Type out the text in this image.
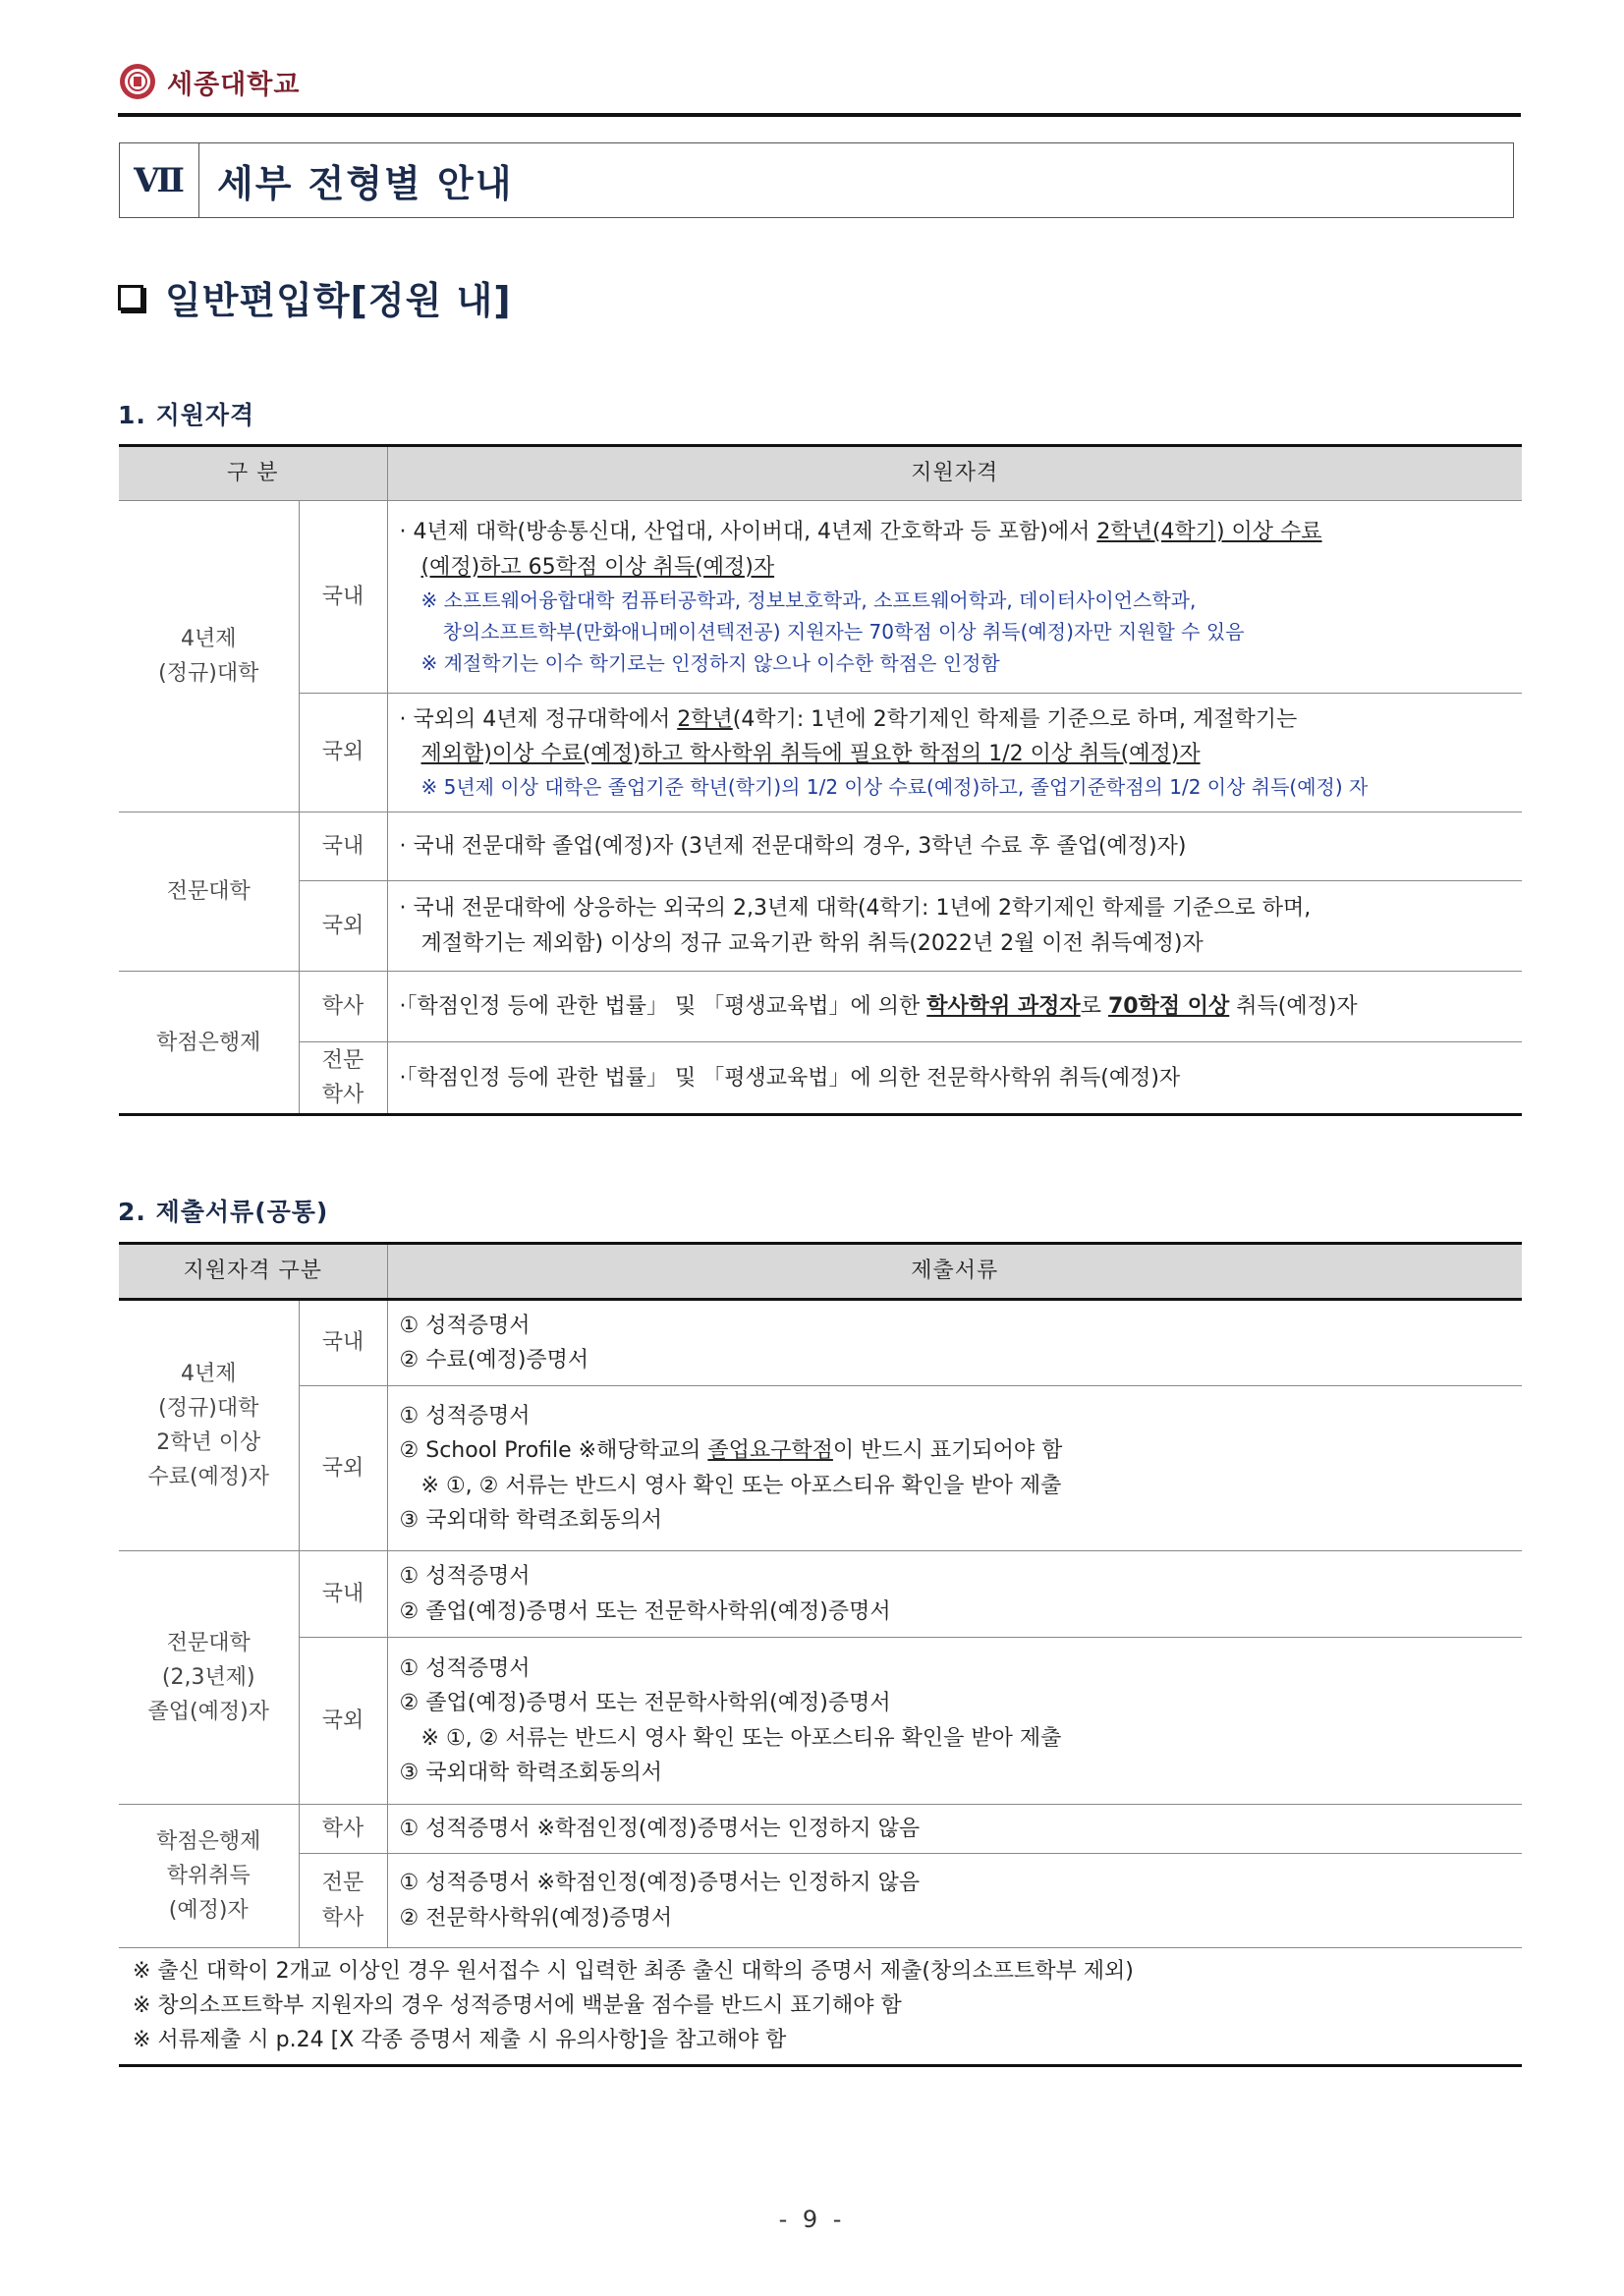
세종대학교
Ⅶ 세부 전형별 안내
일반편입학[정원 내]
1. 지원자격
구 분		지원자격

4년제
(정규)대학	국내	· 4년제 대학(방송통신대, 산업대, 사이버대, 4년제 간호학과 등 포함)에서 2학년(4학기) 이상 수료
(예정)하고 65학점 이상 취득(예정)자
※ 소프트웨어융합대학 컴퓨터공학과, 정보보호학과, 소프트웨어학과, 데이터사이언스학과,
창의소프트학부(만화애니메이션텍전공) 지원자는 70학점 이상 취득(예정)자만 지원할 수 있음
※ 계절학기는 이수 학기로는 인정하지 않으나 이수한 학점은 인정함

	국외	· 국외의 4년제 정규대학에서 2학년(4학기: 1년에 2학기제인 학제를 기준으로 하며, 계절학기는
제외함)이상 수료(예정)하고 학사학위 취득에 필요한 학점의 1/2 이상 취득(예정)자
※ 5년제 이상 대학은 졸업기준 학년(학기)의 1/2 이상 수료(예정)하고, 졸업기준학점의 1/2 이상 취득(예정) 자

전문대학	국내	· 국내 전문대학 졸업(예정)자 (3년제 전문대학의 경우, 3학년 수료 후 졸업(예정)자)
	국외	· 국내 전문대학에 상응하는 외국의 2,3년제 대학(4학기: 1년에 2학기제인 학제를 기준으로 하며,
계절학기는 제외함) 이상의 정규 교육기관 학위 취득(2022년 2월 이전 취득예정)자

학점은행제	학사	·「학점인정 등에 관한 법률」 및 「평생교육법」에 의한 학사학위 과정자로 70학점 이상 취득(예정)자

	전문
학사	·「학점인정 등에 관한 법률」 및 「평생교육법」에 의한 전문학사학위 취득(예정)자
2. 제출서류(공통)
지원자격 구분		제출서류

4년제
(정규)대학
2학년 이상
수료(예정)자	국내	① 성적증명서
② 수료(예정)증명서

	국외	① 성적증명서
② School Profile ※해당학교의 졸업요구학점이 반드시 표기되어야 함
※ ①, ② 서류는 반드시 영사 확인 또는 아포스티유 확인을 받아 제출
③ 국외대학 학력조회동의서

전문대학
(2,3년제)
졸업(예정)자	국내	① 성적증명서
② 졸업(예정)증명서 또는 전문학사학위(예정)증명서

	국외	① 성적증명서
② 졸업(예정)증명서 또는 전문학사학위(예정)증명서
※ ①, ② 서류는 반드시 영사 확인 또는 아포스티유 확인을 받아 제출
③ 국외대학 학력조회동의서

학점은행제
학위취득
(예정)자	학사	① 성적증명서 ※학점인정(예정)증명서는 인정하지 않음

	전문
학사	① 성적증명서 ※학점인정(예정)증명서는 인정하지 않음
② 전문학사학위(예정)증명서

※ 출신 대학이 2개교 이상인 경우 원서접수 시 입력한 최종 출신 대학의 증명서 제출(창의소프트학부 제외)
※ 창의소프트학부 지원자의 경우 성적증명서에 백분율 점수를 반드시 표기해야 함
※ 서류제출 시 p.24 [X 각종 증명서 제출 시 유의사항]을 참고해야 함		
- 9 -
